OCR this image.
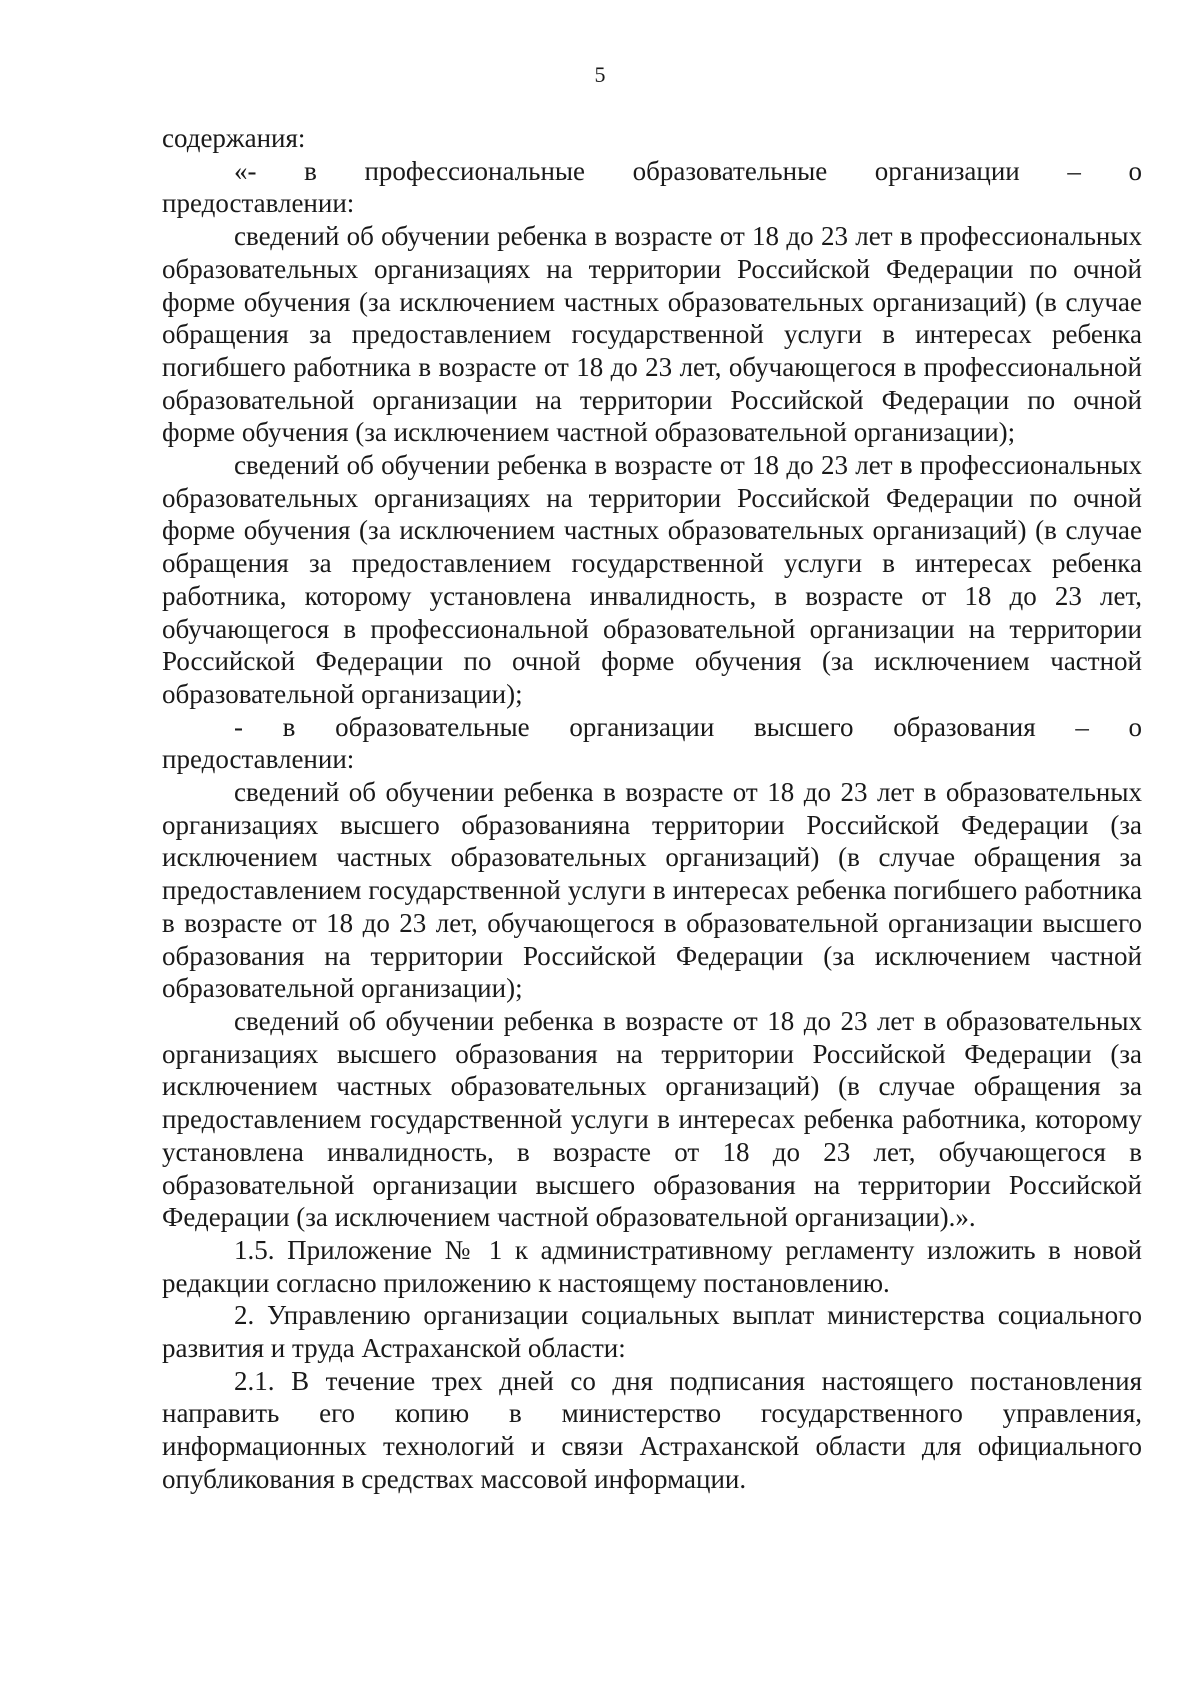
5

содержания:

«- в профессиональные образовательные организации – о

предоставлении:

сведений об обучении ребенка в возрасте от 18 до 23 лет в профессиональных образовательных организациях на территории Российской Федерации по очной форме обучения (за исключением частных образовательных организаций) (в случае обращения за предоставлением государственной услуги в интересах ребенка погибшего работника в возрасте от 18 до 23 лет, обучающегося в профессиональной образовательной организации на территории Российской Федерации по очной форме обучения (за исключением частной образовательной организации);

сведений об обучении ребенка в возрасте от 18 до 23 лет в профессиональных образовательных организациях на территории Российской Федерации по очной форме обучения (за исключением частных образовательных организаций) (в случае обращения за предоставлением государственной услуги в интересах ребенка работника, которому установлена инвалидность, в возрасте от 18 до 23 лет, обучающегося в профессиональной образовательной организации на территории Российской Федерации по очной форме обучения (за исключением частной образовательной организации);

- в образовательные организации высшего образования – о

предоставлении:

сведений об обучении ребенка в возрасте от 18 до 23 лет в образовательных организациях высшего образованияна территории Российской Федерации (за исключением частных образовательных организаций) (в случае обращения за предоставлением государственной услуги в интересах ребенка погибшего работника в возрасте от 18 до 23 лет, обучающегося в образовательной организации высшего образования на территории Российской Федерации (за исключением частной образовательной организации);

сведений об обучении ребенка в возрасте от 18 до 23 лет в образовательных организациях высшего образования на территории Российской Федерации (за исключением частных образовательных организаций) (в случае обращения за предоставлением государственной услуги в интересах ребенка работника, которому установлена инвалидность, в возрасте от 18 до 23 лет, обучающегося в образовательной организации высшего образования на территории Российской Федерации (за исключением частной образовательной организации).».

1.5. Приложение № 1 к административному регламенту изложить в новой редакции согласно приложению к настоящему постановлению.

2. Управлению организации социальных выплат министерства социального развития и труда Астраханской области:

2.1. В течение трех дней со дня подписания настоящего постановления направить его копию в министерство государственного управления, информационных технологий и связи Астраханской области для официального опубликования в средствах массовой информации.
